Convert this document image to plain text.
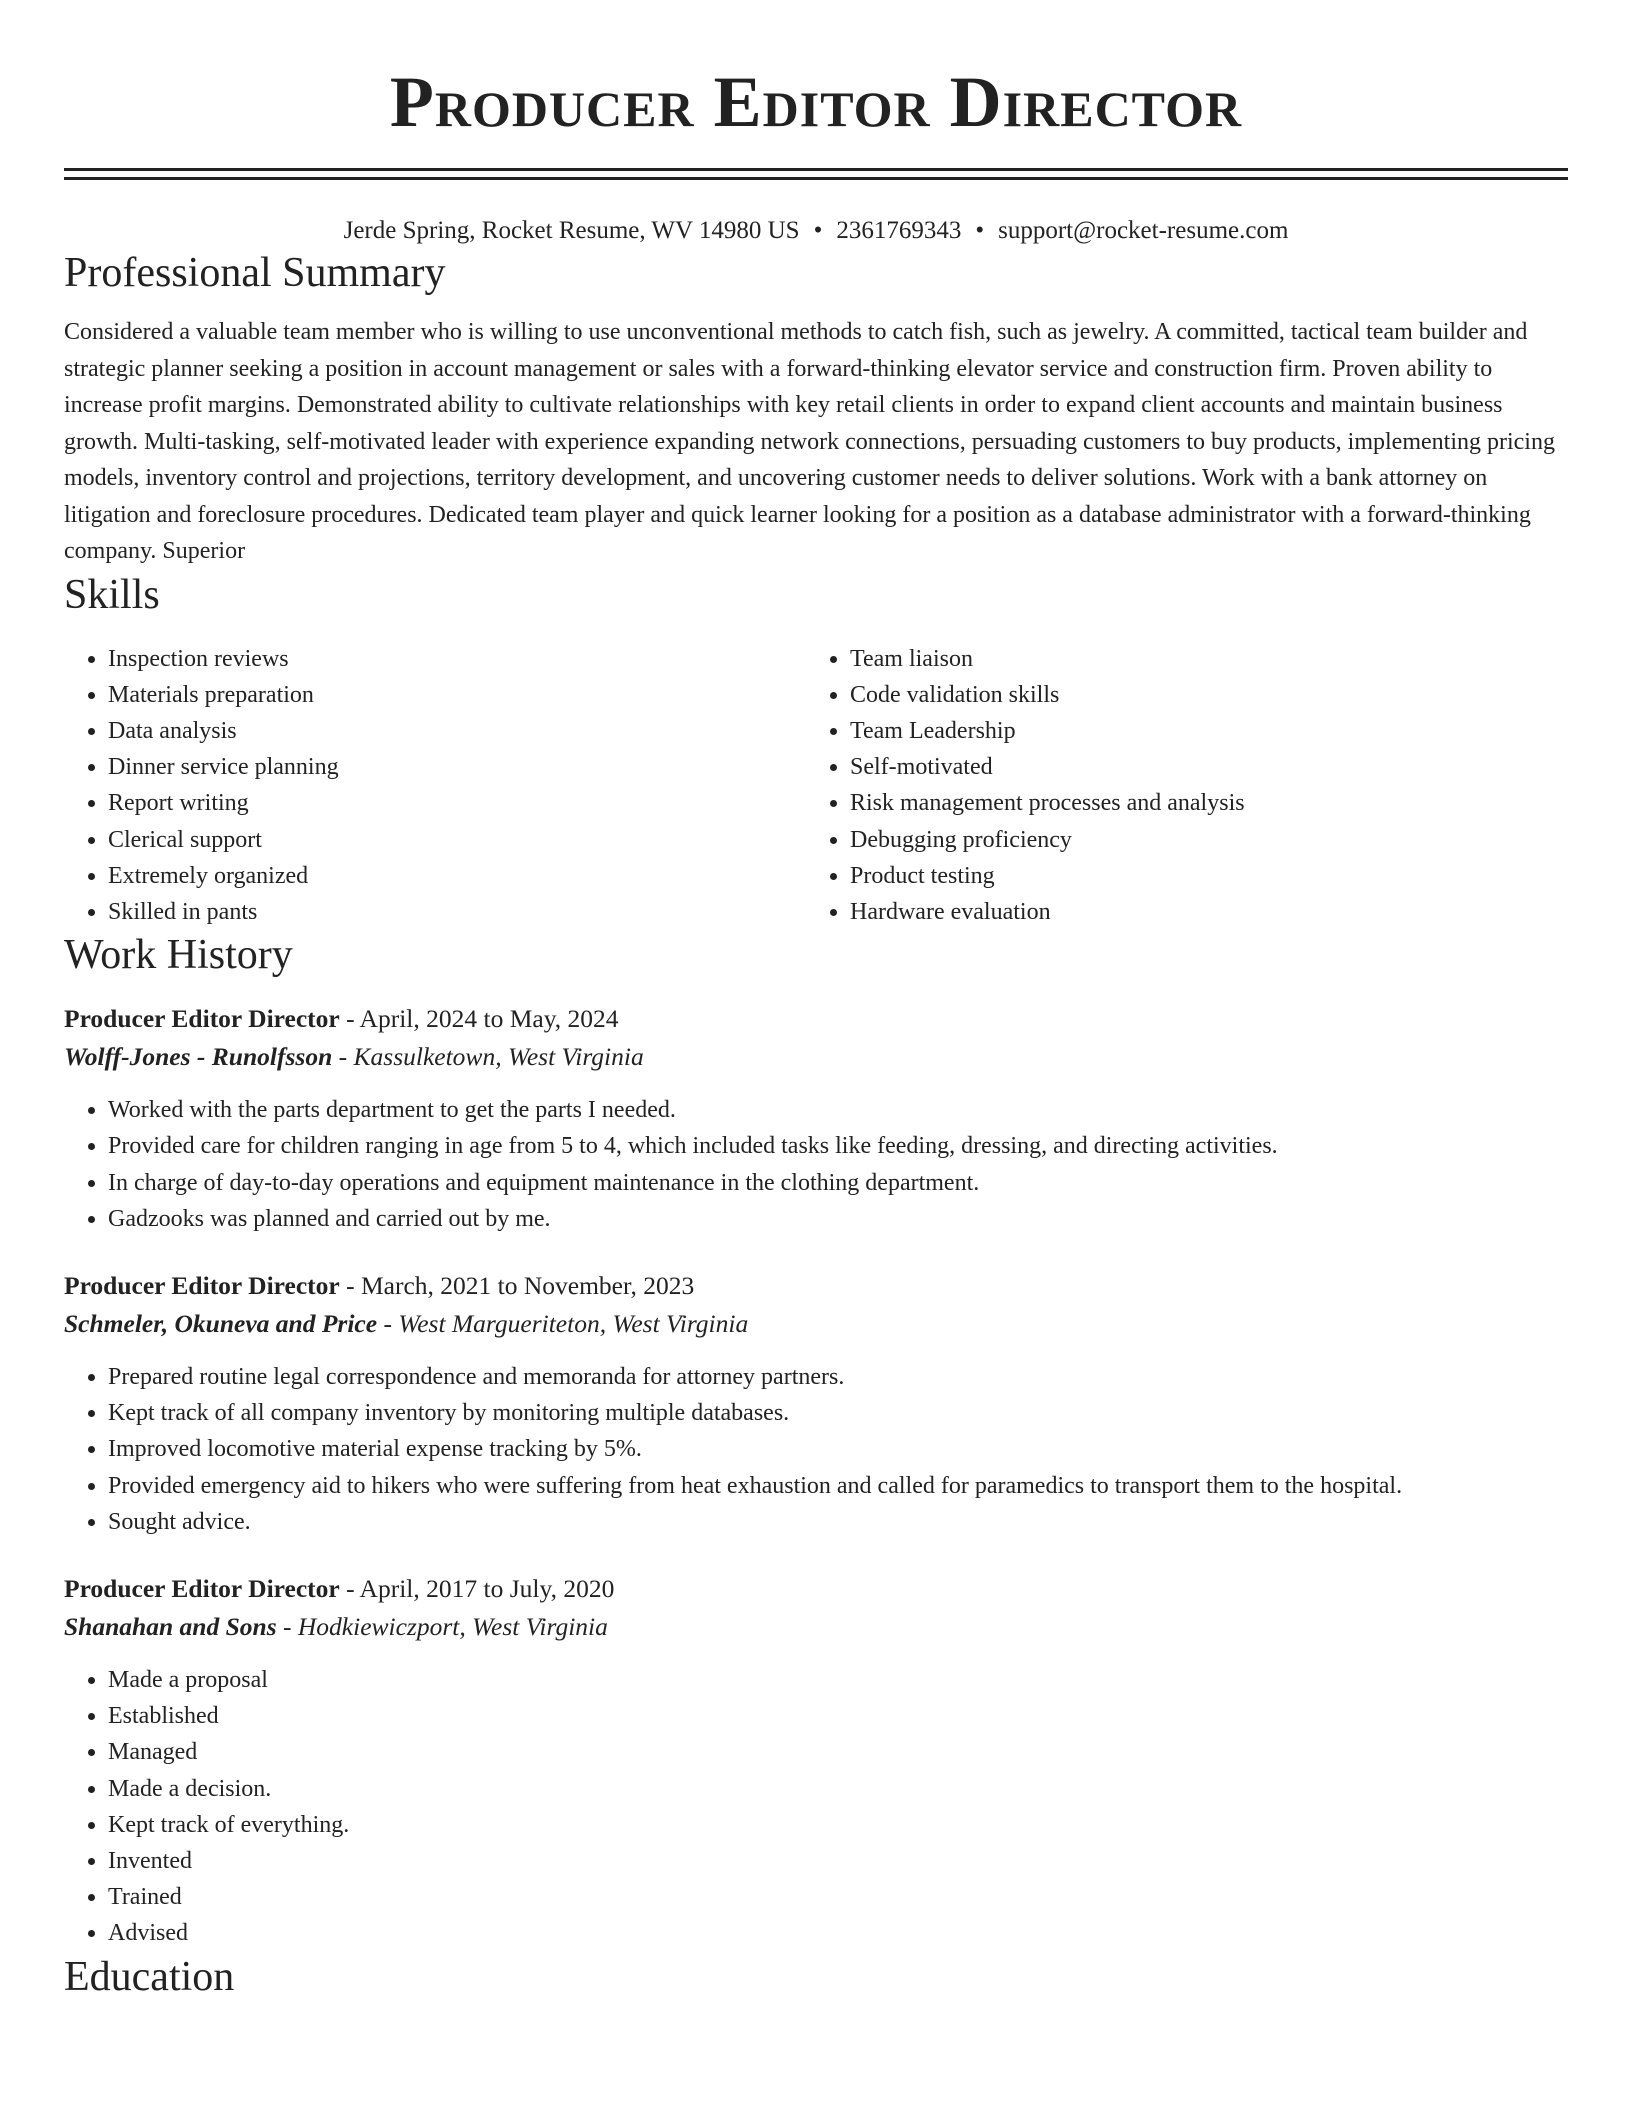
Producer Editor Director
Jerde Spring, Rocket Resume, WV 14980 US • 2361769343 • support@rocket-resume.com
Professional Summary

Considered a valuable team member who is willing to use unconventional methods to catch fish, such as jewelry. A committed, tactical team builder and strategic planner seeking a position in account management or sales with a forward-thinking elevator service and construction firm. Proven ability to increase profit margins. Demonstrated ability to cultivate relationships with key retail clients in order to expand client accounts and maintain business growth. Multi-tasking, self-motivated leader with experience expanding network connections, persuading customers to buy products, implementing pricing models, inventory control and projections, territory development, and uncovering customer needs to deliver solutions. Work with a bank attorney on litigation and foreclosure procedures. Dedicated team player and quick learner looking for a position as a database administrator with a forward-thinking company. Superior

Skills
• Inspection reviews
• Materials preparation
• Data analysis
• Dinner service planning
• Report writing
• Clerical support
• Extremely organized
• Skilled in pants
• Team liaison
• Code validation skills
• Team Leadership
• Self-motivated
• Risk management processes and analysis
• Debugging proficiency
• Product testing
• Hardware evaluation
Work History

Producer Editor Director - April, 2024 to May, 2024

Wolff-Jones - Runolfsson - Kassulketown, West Virginia

• Worked with the parts department to get the parts I needed.
• Provided care for children ranging in age from 5 to 4, which included tasks like feeding, dressing, and directing activities.
• In charge of day-to-day operations and equipment maintenance in the clothing department.
• Gadzooks was planned and carried out by me.

Producer Editor Director - March, 2021 to November, 2023

Schmeler, Okuneva and Price - West Margueriteton, West Virginia

• Prepared routine legal correspondence and memoranda for attorney partners.
• Kept track of all company inventory by monitoring multiple databases.
• Improved locomotive material expense tracking by 5%.
• Provided emergency aid to hikers who were suffering from heat exhaustion and called for paramedics to transport them to the hospital.
• Sought advice.

Producer Editor Director - April, 2017 to July, 2020

Shanahan and Sons - Hodkiewiczport, West Virginia

• Made a proposal
• Established
• Managed
• Made a decision.
• Kept track of everything.
• Invented
• Trained
• Advised
Education
